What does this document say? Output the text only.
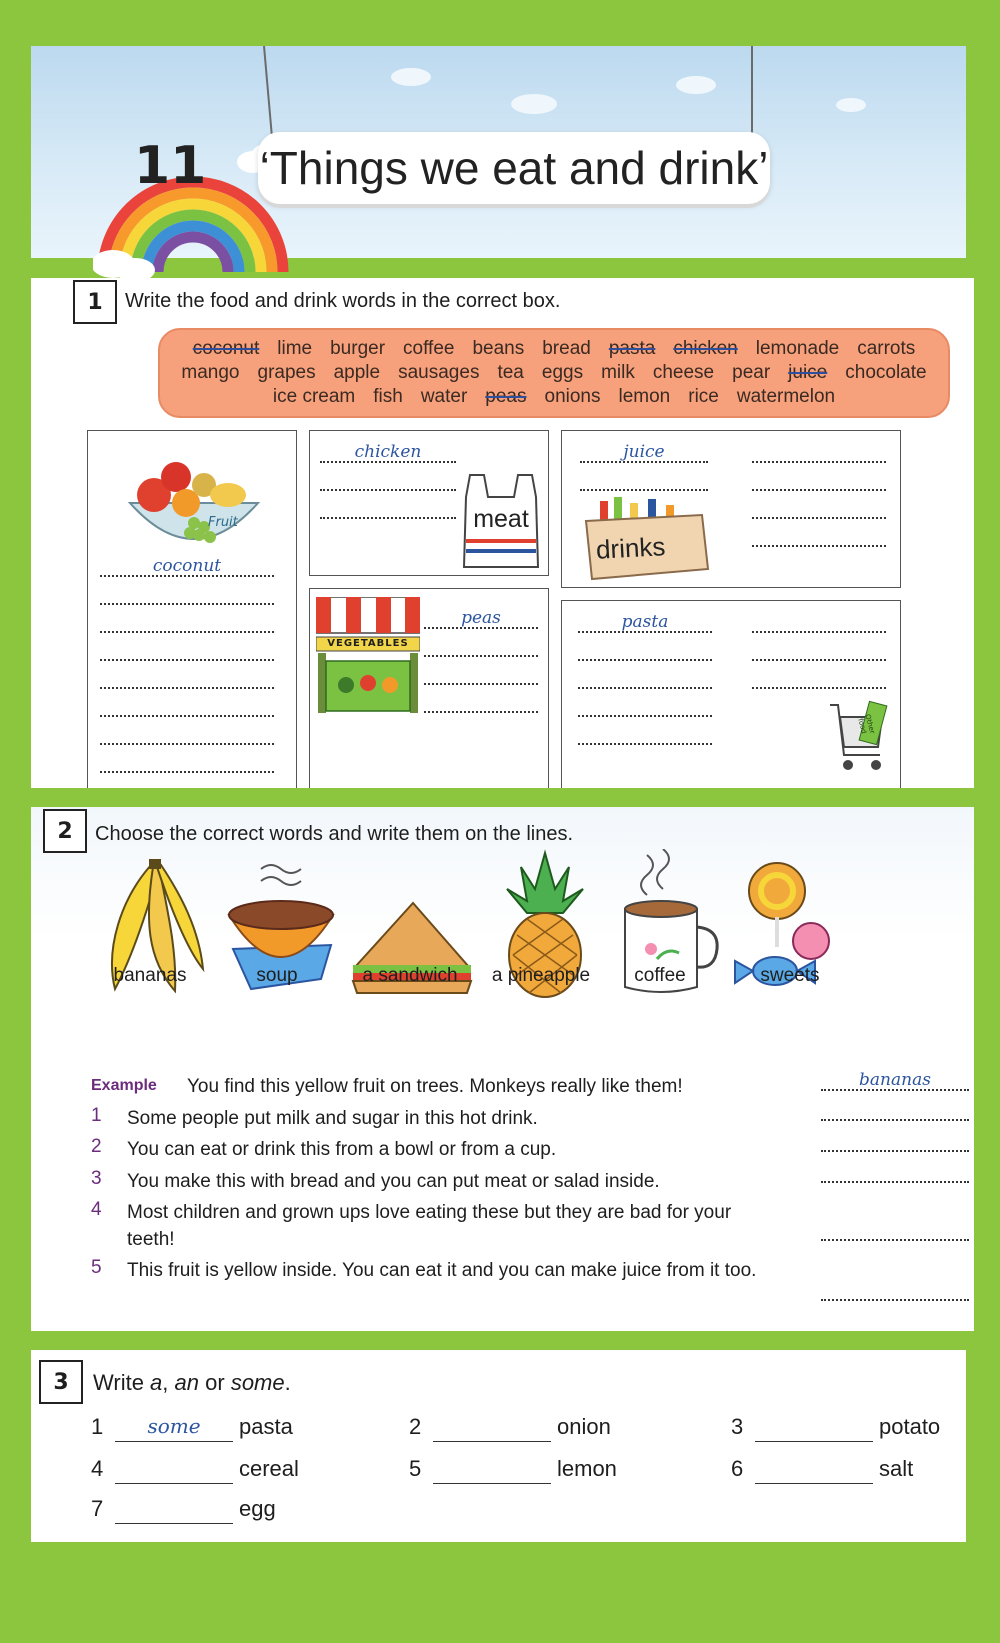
11 ‘Things we eat and drink’
1	Write the food and drink words in the correct box.
coconut lime burger coffee beans bread pasta chicken lemonade carrots
mango grapes apple sausages tea eggs milk cheese pear juice chocolate
ice cream fish water peas onions lemon rice watermelon
Fruit
coconut
chicken
meat
juice
drinks
VEGETABLES
peas	pasta
Other food
2	Choose the correct words and write them on the lines.
bananas	soup	a sandwich	a pineapple	coffee	sweets
Example You find this yellow fruit on trees. Monkeys really like them!	bananas
1 Some people put milk and sugar in this hot drink.
2 You can eat or drink this from a bowl or from a cup.
3 You make this with bread and you can put meat or salad inside.
4 Most children and grown ups love eating these but they are bad for your teeth!
5 This fruit is yellow inside. You can eat it and you can make juice from it too.
3	Write a, an or some.
1	some	pasta	2	onion	3	potato
4	cereal	5	lemon	6	salt
7	egg
